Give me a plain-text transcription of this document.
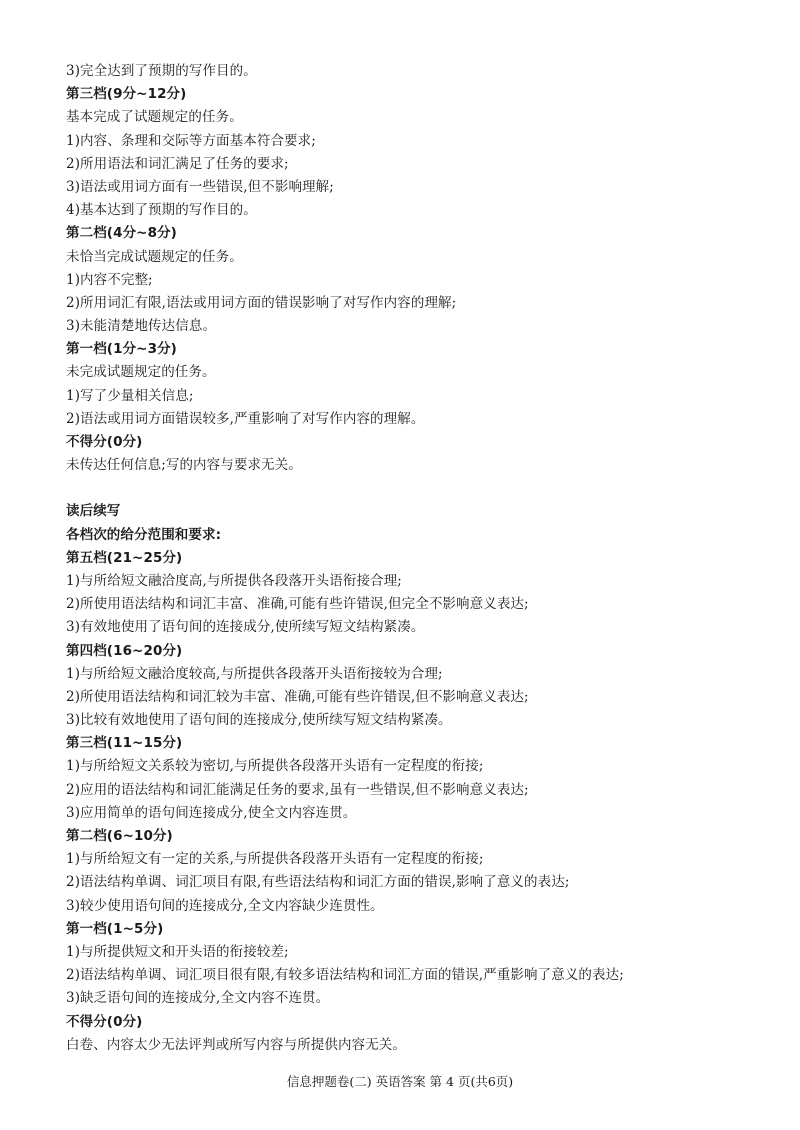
3)完全达到了预期的写作目的。
第三档(9分~12分)
基本完成了试题规定的任务。
1)内容、条理和交际等方面基本符合要求;
2)所用语法和词汇满足了任务的要求;
3)语法或用词方面有一些错误,但不影响理解;
4)基本达到了预期的写作目的。
第二档(4分~8分)
未恰当完成试题规定的任务。
1)内容不完整;
2)所用词汇有限,语法或用词方面的错误影响了对写作内容的理解;
3)未能清楚地传达信息。
第一档(1分~3分)
未完成试题规定的任务。
1)写了少量相关信息;
2)语法或用词方面错误较多,严重影响了对写作内容的理解。
不得分(0分)
未传达任何信息;写的内容与要求无关。
读后续写
各档次的给分范围和要求:
第五档(21~25分)
1)与所给短文融洽度高,与所提供各段落开头语衔接合理;
2)所使用语法结构和词汇丰富、准确,可能有些许错误,但完全不影响意义表达;
3)有效地使用了语句间的连接成分,使所续写短文结构紧凑。
第四档(16~20分)
1)与所给短文融洽度较高,与所提供各段落开头语衔接较为合理;
2)所使用语法结构和词汇较为丰富、准确,可能有些许错误,但不影响意义表达;
3)比较有效地使用了语句间的连接成分,使所续写短文结构紧凑。
第三档(11~15分)
1)与所给短文关系较为密切,与所提供各段落开头语有一定程度的衔接;
2)应用的语法结构和词汇能满足任务的要求,虽有一些错误,但不影响意义表达;
3)应用简单的语句间连接成分,使全文内容连贯。
第二档(6~10分)
1)与所给短文有一定的关系,与所提供各段落开头语有一定程度的衔接;
2)语法结构单调、词汇项目有限,有些语法结构和词汇方面的错误,影响了意义的表达;
3)较少使用语句间的连接成分,全文内容缺少连贯性。
第一档(1~5分)
1)与所提供短文和开头语的衔接较差;
2)语法结构单调、词汇项目很有限,有较多语法结构和词汇方面的错误,严重影响了意义的表达;
3)缺乏语句间的连接成分,全文内容不连贯。
不得分(0分)
白卷、内容太少无法评判或所写内容与所提供内容无关。
信息押题卷(二) 英语答案 第 4 页(共6页)
